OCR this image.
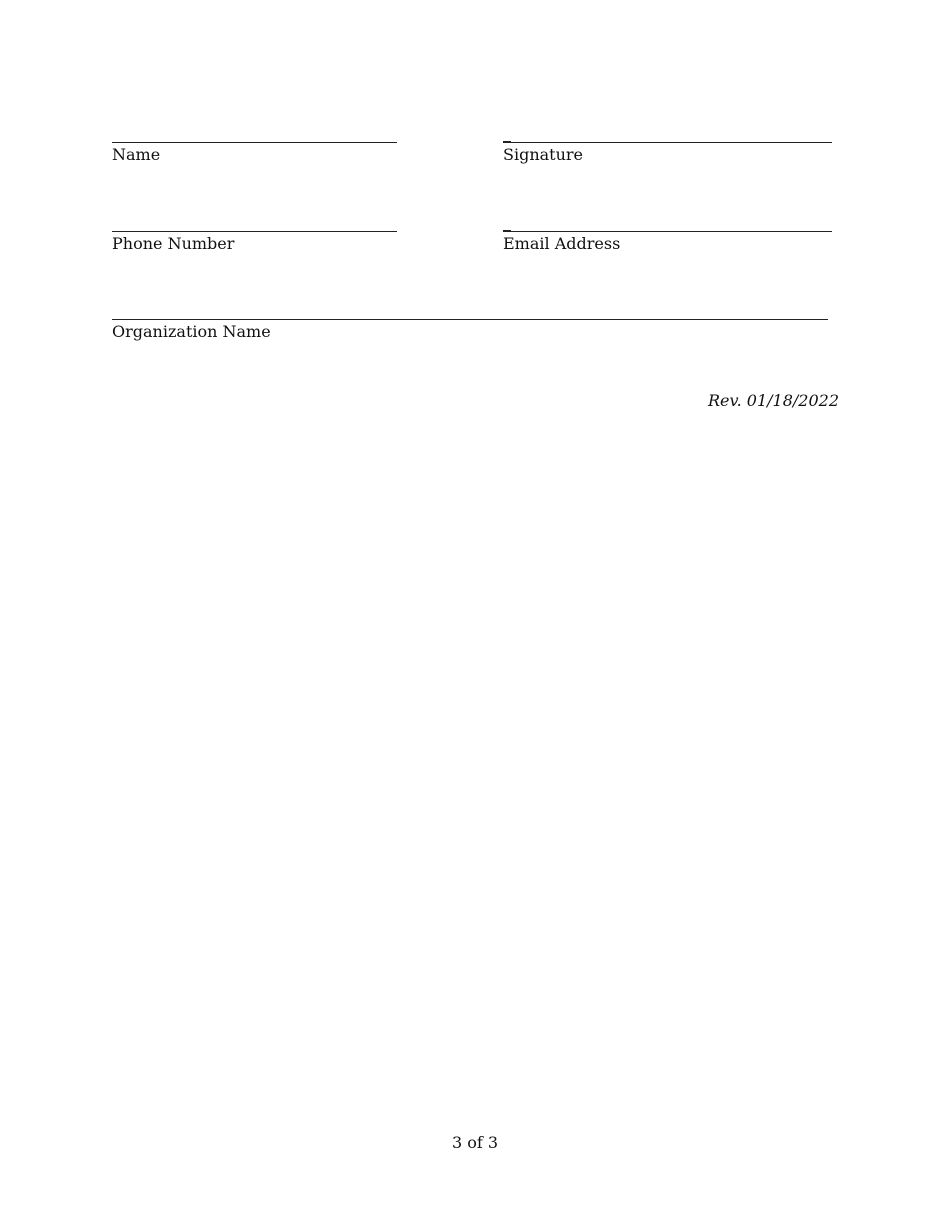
Name	Signature
Phone Number	Email Address
Organization Name
Rev. 01/18/2022
3 of 3
